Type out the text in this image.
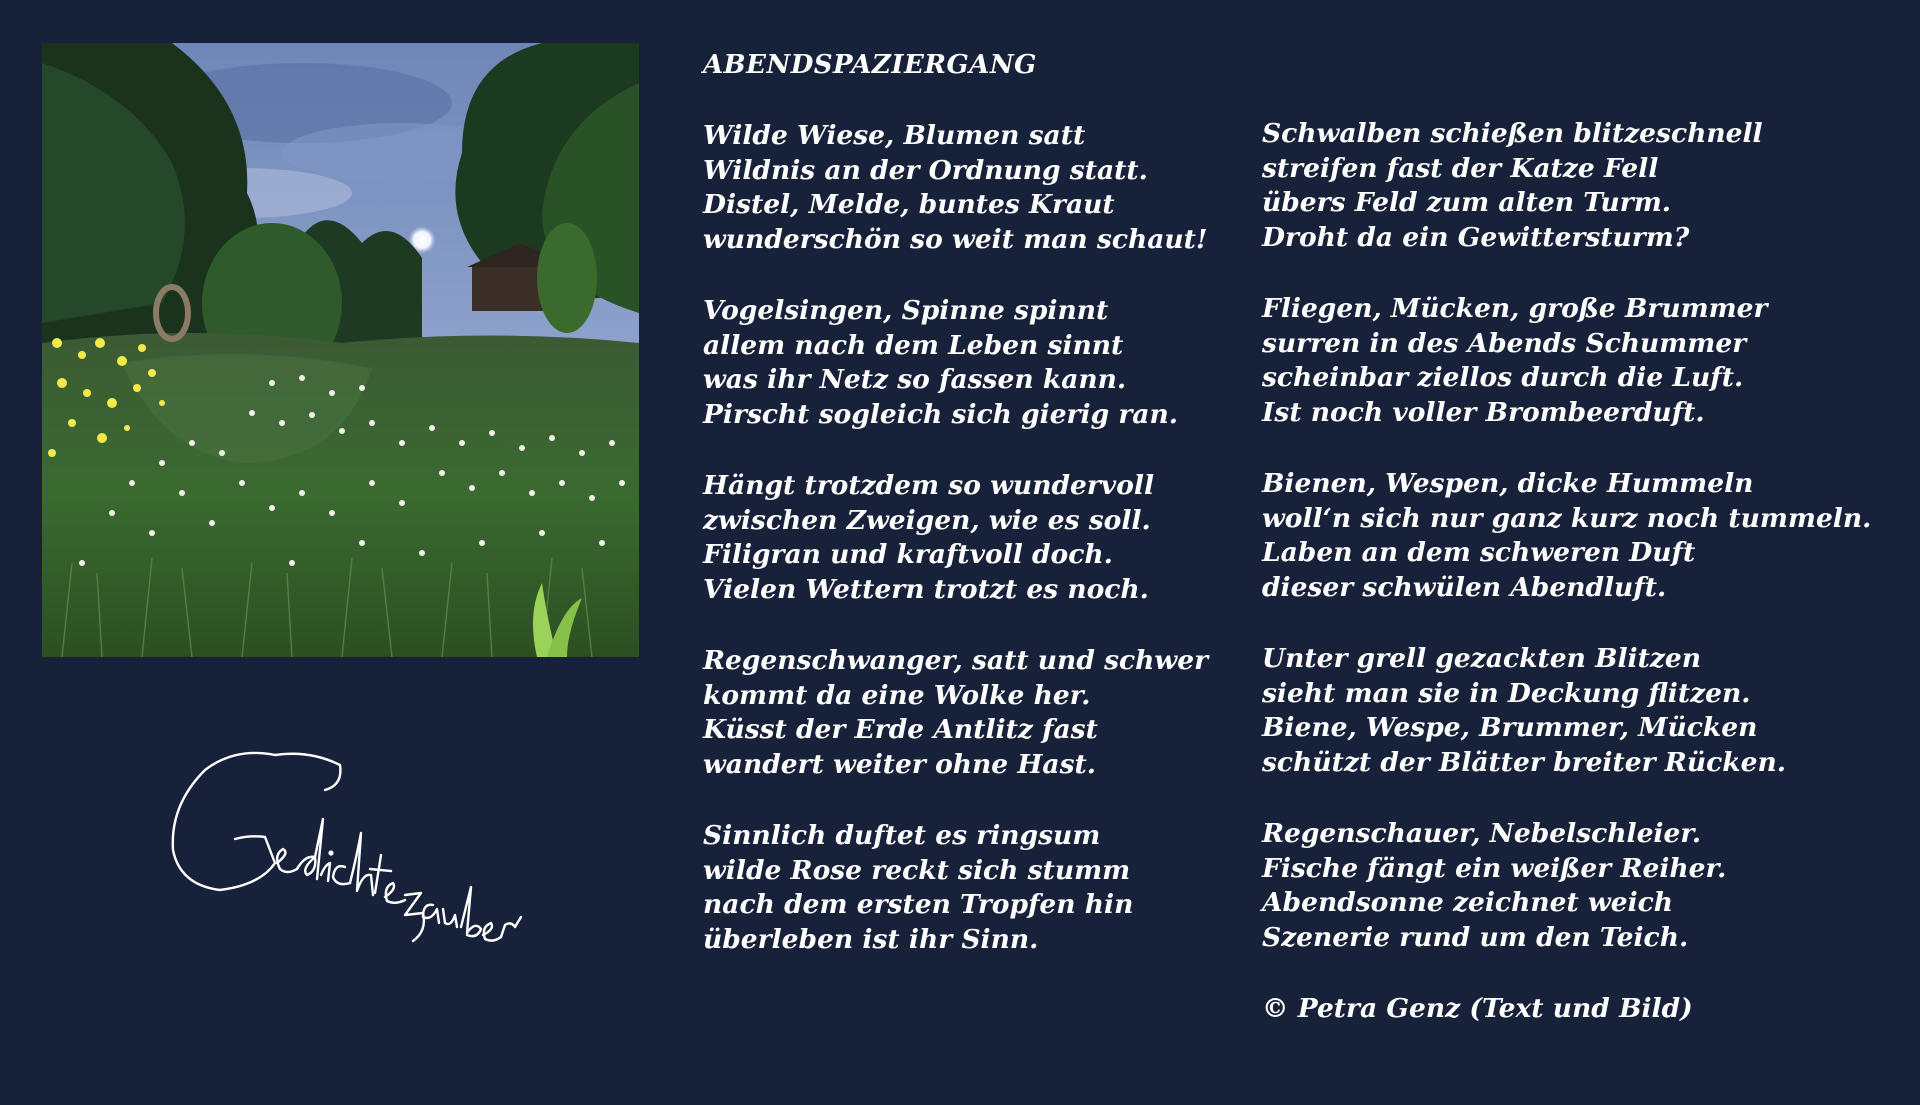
ABENDSPAZIERGANG
Wilde Wiese, Blumen satt
Wildnis an der Ordnung statt.
Distel, Melde, buntes Kraut
wunderschön so weit man schaut!
Vogelsingen, Spinne spinnt
allem nach dem Leben sinnt
was ihr Netz so fassen kann.
Pirscht sogleich sich gierig ran.
Hängt trotzdem so wundervoll
zwischen Zweigen, wie es soll.
Filigran und kraftvoll doch.
Vielen Wettern trotzt es noch.
Regenschwanger, satt und schwer
kommt da eine Wolke her.
Küsst der Erde Antlitz fast
wandert weiter ohne Hast.
Sinnlich duftet es ringsum
wilde Rose reckt sich stumm
nach dem ersten Tropfen hin
überleben ist ihr Sinn.
Schwalben schießen blitzeschnell
streifen fast der Katze Fell
übers Feld zum alten Turm.
Droht da ein Gewittersturm?
Fliegen, Mücken, große Brummer
surren in des Abends Schummer
scheinbar ziellos durch die Luft.
Ist noch voller Brombeerduft.
Bienen, Wespen, dicke Hummeln
woll‘n sich nur ganz kurz noch tummeln.
Laben an dem schweren Duft
dieser schwülen Abendluft.
Unter grell gezackten Blitzen
sieht man sie in Deckung flitzen.
Biene, Wespe, Brummer, Mücken
schützt der Blätter breiter Rücken.
Regenschauer, Nebelschleier.
Fische fängt ein weißer Reiher.
Abendsonne zeichnet weich
Szenerie rund um den Teich.
© Petra Genz (Text und Bild)
